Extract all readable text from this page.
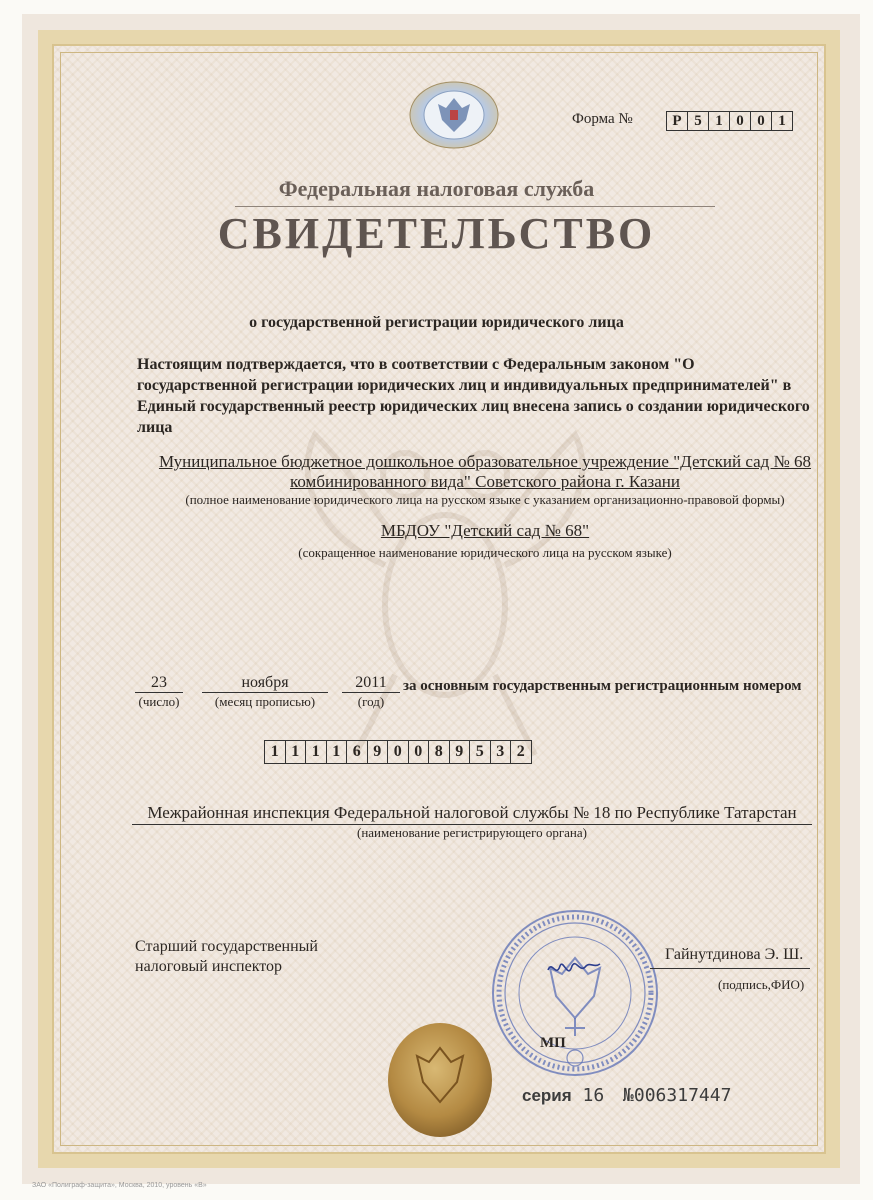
Форма №	Р 5 1 0 0 1
Федеральная налоговая служба
СВИДЕТЕЛЬСТВО
о государственной регистрации юридического лица
Настоящим подтверждается, что в соответствии с Федеральным законом "О государственной регистрации юридических лиц и индивидуальных предпринимателей" в Единый государственный реестр юридических лиц внесена запись о создании юридического лица
Муниципальное бюджетное дошкольное образовательное учреждение "Детский сад № 68
комбинированного вида" Советского района г. Казани
(полное наименование юридического лица на русском языке с указанием организационно-правовой формы)
МБДОУ "Детский сад № 68"
(сокращенное наименование юридического лица на русском языке)
23
(число)
ноября
(месяц прописью)
2011
(год)
за основным государственным регистрационным номером
1 1 1 1 6 9 0 0 8 9 5 3 2
Межрайонная инспекция Федеральной налоговой службы № 18 по Республике Татарстан
(наименование регистрирующего органа)
Старший государственный
налоговый инспектор
Гайнутдинова Э. Ш.
(подпись,ФИО)
МП
серия 16 №006317447
ЗАО «Полиграф-защита», Москва, 2010, уровень «В»
